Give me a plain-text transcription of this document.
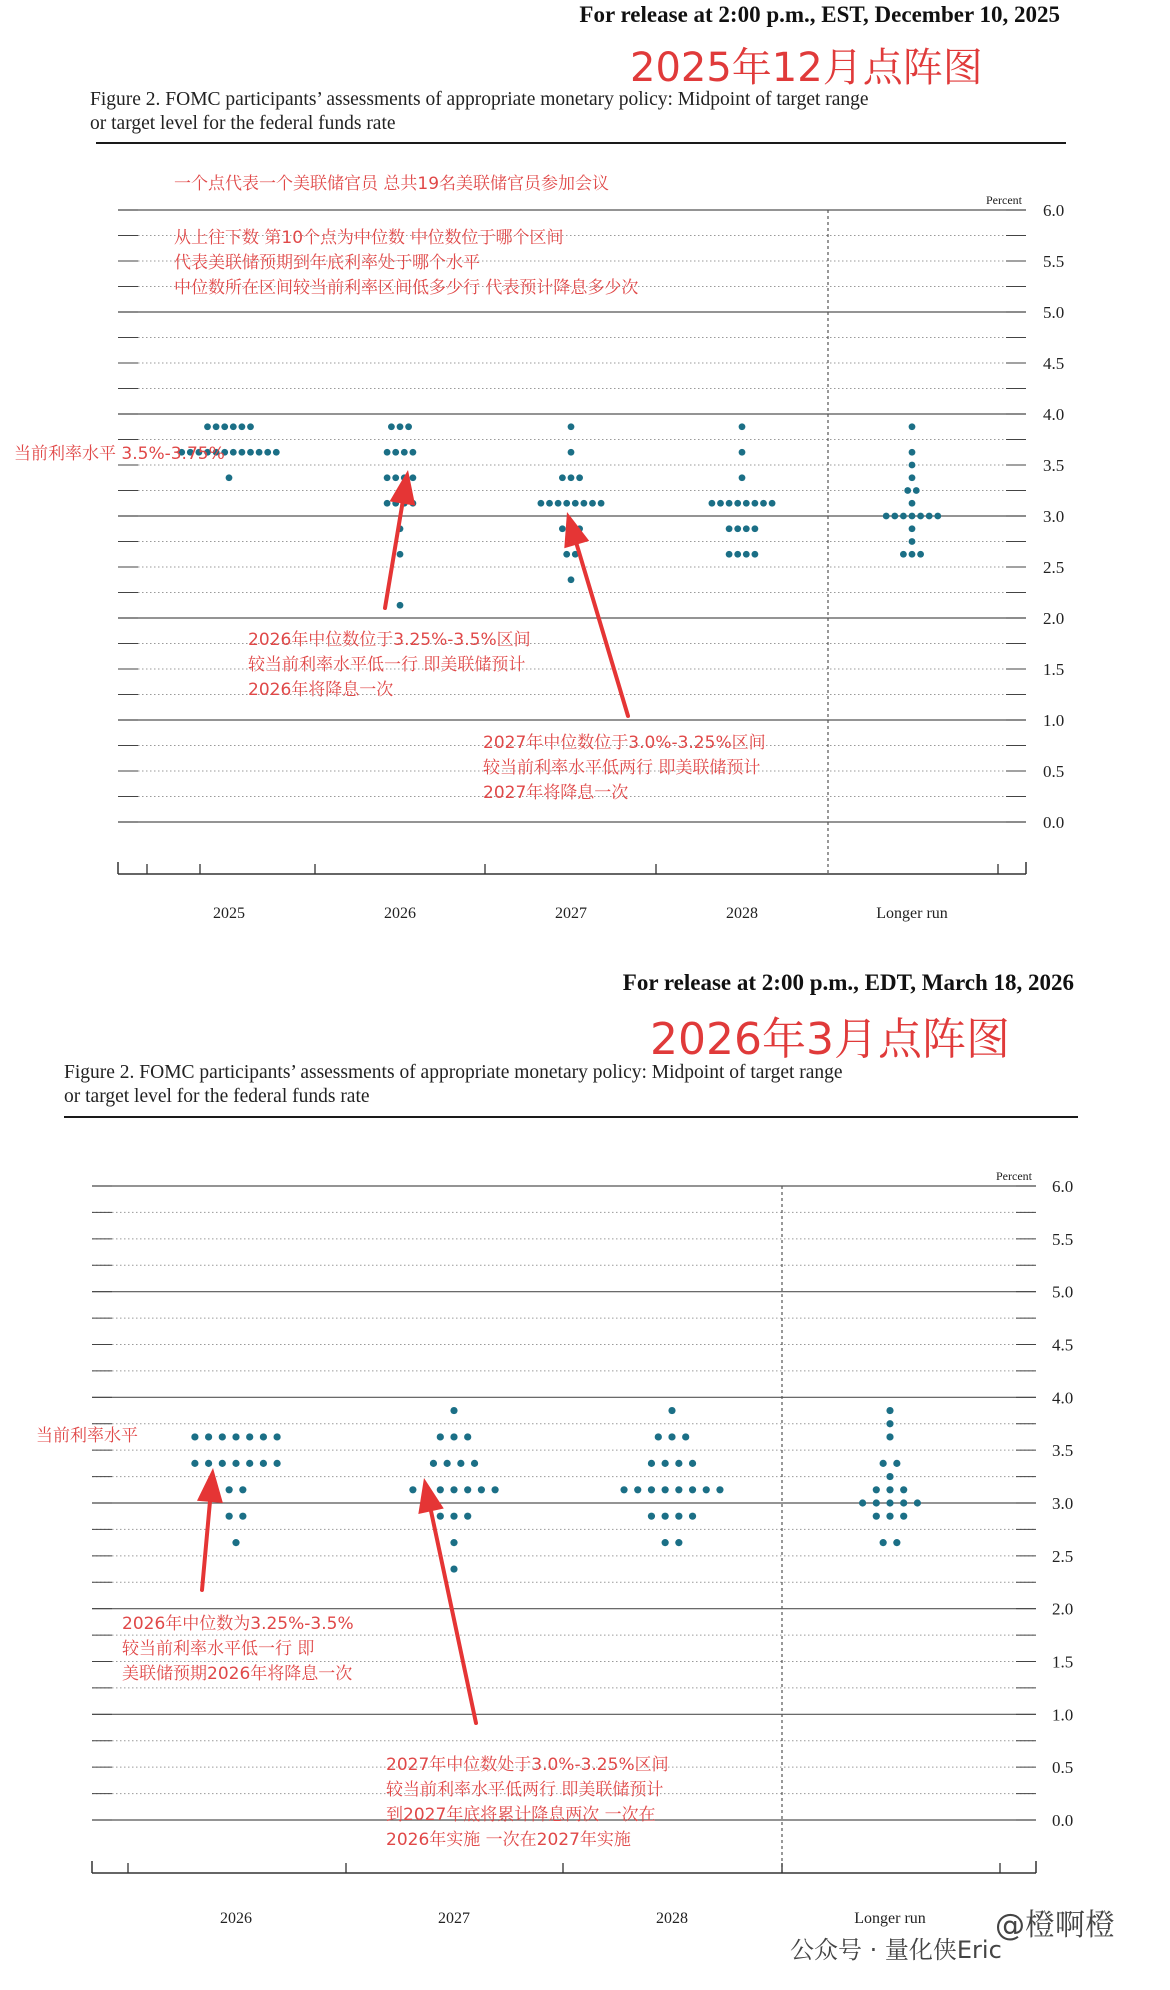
For release at 2:00 p.m., EST, December 10, 2025
2025年12月点阵图
Figure 2. FOMC participants’ assessments of appropriate monetary policy: Midpoint of target range
or target level for the federal funds rate
0.0
0.5
1.0
1.5
2.0
2.5
3.0
3.5
4.0
4.5
5.0
5.5
6.0
Percent
2025	2026	2027	2028	Longer run
一个点代表一个美联储官员 总共19名美联储官员参加会议
从上往下数 第10个点为中位数 中位数位于哪个区间
代表美联储预期到年底利率处于哪个水平
中位数所在区间较当前利率区间低多少行 代表预计降息多少次
当前利率水平 3.5%-3.75%
2026年中位数位于3.25%-3.5%区间
较当前利率水平低一行 即美联储预计
2026年将降息一次
2027年中位数位于3.0%-3.25%区间
较当前利率水平低两行 即美联储预计
2027年将降息一次
For release at 2:00 p.m., EDT, March 18, 2026
2026年3月点阵图
Figure 2. FOMC participants’ assessments of appropriate monetary policy: Midpoint of target range
or target level for the federal funds rate
0.0
0.5
1.0
1.5
2.0
2.5
3.0
3.5
4.0
4.5
5.0
5.5
6.0
Percent
2026	2027	2028	Longer run
当前利率水平
2026年中位数为3.25%-3.5%
较当前利率水平低一行 即
美联储预期2026年将降息一次
2027年中位数处于3.0%-3.25%区间
较当前利率水平低两行 即美联储预计
到2027年底将累计降息两次 一次在
2026年实施 一次在2027年实施
公众号 · 量化侠Eric
@橙啊橙
